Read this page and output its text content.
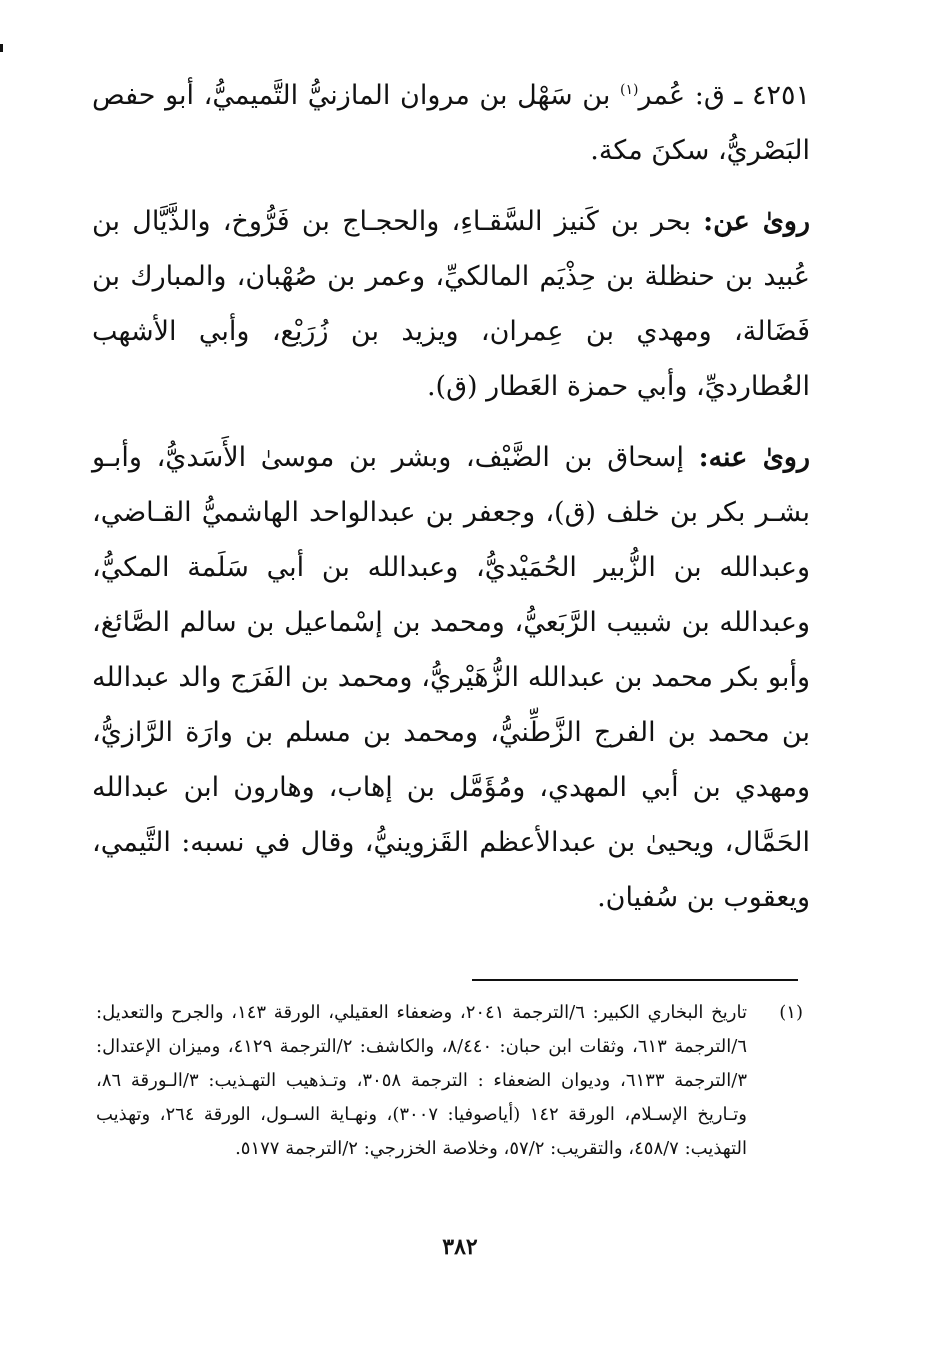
٤٢٥١ ـ ق: عُمر$^{(١)}$ بن سَهْل بن مروان المازنيُّ التَّميميُّ، أبو حفص البَصْريُّ، سكنَ مكة.

روىٰ عن: بحر بن كَنيز السَّقـاءِ، والحجـاج بن فَرُّوخ، والذَّيَّال بن عُبيد بن حنظلة بن حِذْيَم المالكيِّ، وعمر بن صُهْبان، والمبارك بن فَضَالة، ومهدي بن عِمران، ويزيد بن زُرَيْع، وأبي الأشهب العُطارديِّ، وأبي حمزة العَطار (ق).

روىٰ عنه: إسحاق بن الضَّيْف، وبشر بن موسىٰ الأَسَديُّ، وأبـو بشـر بكر بن خلف (ق)، وجعفر بن عبدالواحد الهاشميُّ القـاضي، وعبدالله بن الزُّبير الحُمَيْديُّ، وعبدالله بن أبي سَلَمة المكيُّ، وعبدالله بن شبيب الرَّبَعيُّ، ومحمد بن إسْماعيل بن سالم الصَّائغ، وأبو بكر محمد بن عبدالله الزُّهَيْريُّ، ومحمد بن الفَرَج والد عبدالله بن محمد بن الفرج الزَّطِّنيُّ، ومحمد بن مسلم بن وارَة الرَّازيُّ، ومهدي بن أبي المهدي، ومُؤَمَّل بن إهاب، وهارون ابن عبدالله الحَمَّال، ويحيىٰ بن عبدالأعظم القَزوينيُّ، وقال في نسبه: التَّيمي، ويعقوب بن سُفيان.

(١)
تاريخ البخاري الكبير: ٦/الترجمة ٢٠٤١، وضعفاء العقيلي، الورقة ١٤٣، والجرح والتعديل: ٦/الترجمة ٦١٣، وثقات ابن حبان: ٨/٤٤٠، والكاشف: ٢/الترجمة ٤١٢٩، وميزان الإعتدال: ٣/الترجمة ٦١٣٣، وديوان الضعفاء : الترجمة ٣٠٥٨، وتـذهيب التهـذيب: ٣/الـورقة ٨٦، وتـاريخ الإسـلام، الورقة ١٤٢ (أياصوفيا: ٣٠٠٧)، ونهـاية السـول، الورقة ٢٦٤، وتهذيب التهذيب: ٤٥٨/٧، والتقريب: ٥٧/٢، وخلاصة الخزرجي: ٢/الترجمة ٥١٧٧.
٣٨٢
